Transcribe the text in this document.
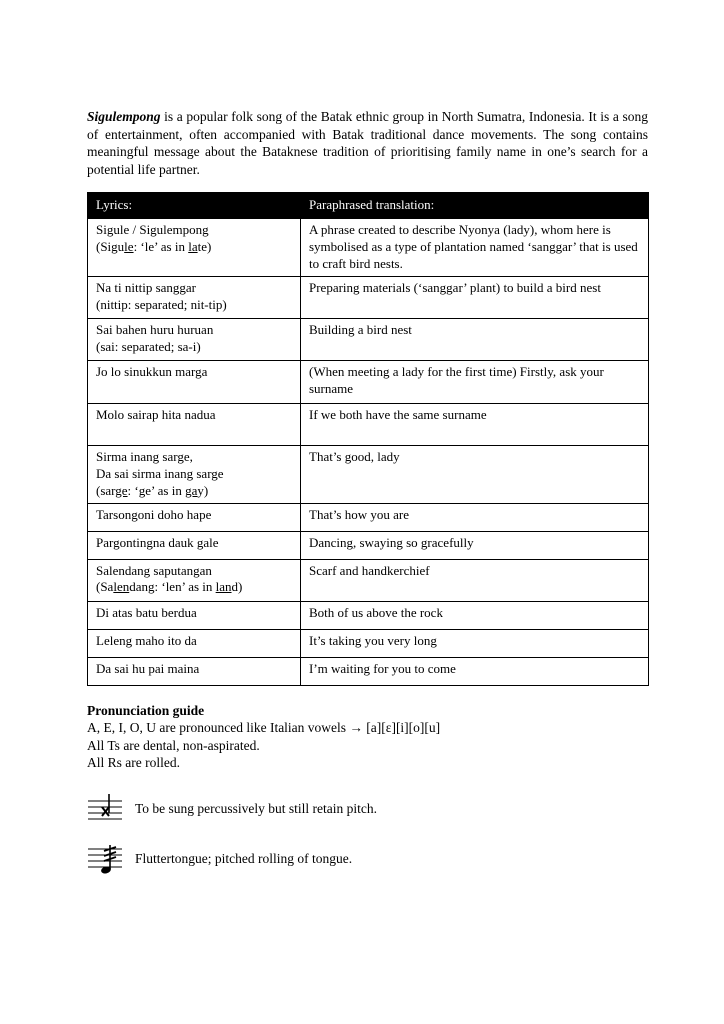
Sigulempong is a popular folk song of the Batak ethnic group in North Sumatra, Indonesia. It is a song of entertainment, often accompanied with Batak traditional dance movements. The song contains meaningful message about the Bataknese tradition of prioritising family name in one’s search for a potential life partner.

Lyrics:	Paraphrased translation:

Sigule / Sigulempong
(Sigule: ‘le’ as in late)	A phrase created to describe Nyonya (lady), whom here is symbolised as a type of plantation named ‘sanggar’ that is used to craft bird nests.

Na ti nittip sanggar
(nittip: separated; nit-tip)	Preparing materials (‘sanggar’ plant) to build a bird nest

Sai bahen huru huruan
(sai: separated; sa-i)	Building a bird nest

Jo lo sinukkun marga	(When meeting a lady for the first time) Firstly, ask your surname

Molo sairap hita nadua	If we both have the same surname

Sirma inang sarge,
Da sai sirma inang sarge
(sarge: ‘ge’ as in gay)	That’s good, lady

Tarsongoni doho hape	That’s how you are

Pargontingna dauk gale	Dancing, swaying so gracefully

Salendang saputangan
(Salendang: ‘len’ as in land)	Scarf and handkerchief

Di atas batu berdua	Both of us above the rock

Leleng maho ito da	It’s taking you very long

Da sai hu pai maina	I’m waiting for you to come

Pronunciation guide

A, E, I, O, U are pronounced like Italian vowels → [a][ɛ][i][o][u]

All Ts are dental, non-aspirated.

All Rs are rolled.

To be sung percussively but still retain pitch.
Fluttertongue; pitched rolling of tongue.
